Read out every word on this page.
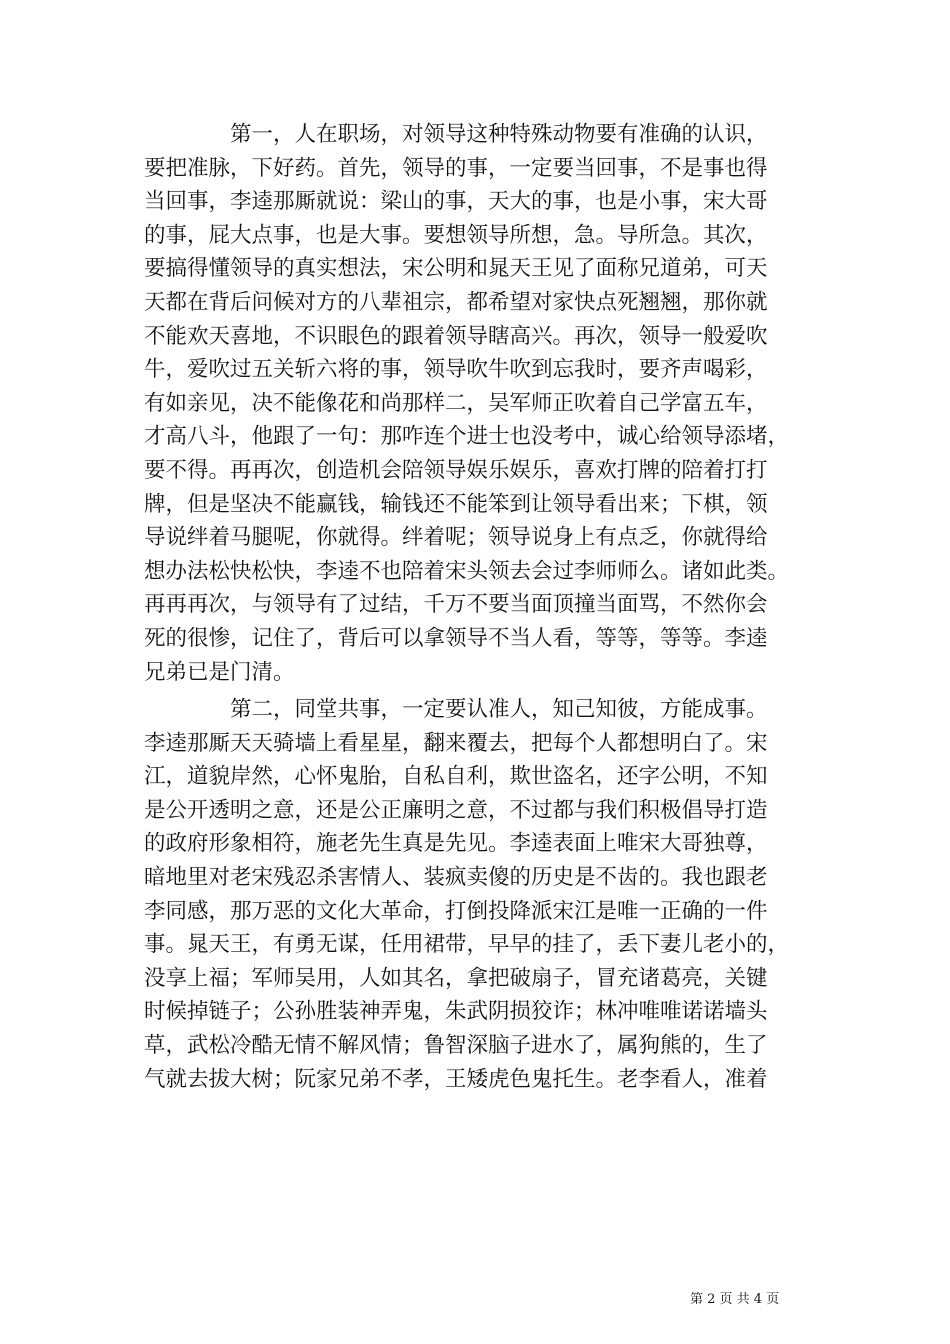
　　　　第一，人在职场，对领导这种特殊动物要有准确的认识，
要把准脉，下好药。首先，领导的事，一定要当回事，不是事也得
当回事，李逵那厮就说：梁山的事，天大的事，也是小事，宋大哥
的事，屁大点事，也是大事。要想领导所想，急。导所急。其次，
要搞得懂领导的真实想法，宋公明和晁天王见了面称兄道弟，可天
天都在背后问候对方的八辈祖宗，都希望对家快点死翘翘，那你就
不能欢天喜地，不识眼色的跟着领导瞎高兴。再次，领导一般爱吹
牛，爱吹过五关斩六将的事，领导吹牛吹到忘我时，要齐声喝彩，
有如亲见，决不能像花和尚那样二，吴军师正吹着自己学富五车，
才高八斗，他跟了一句：那咋连个进士也没考中，诚心给领导添堵，
要不得。再再次，创造机会陪领导娱乐娱乐，喜欢打牌的陪着打打
牌，但是坚决不能赢钱，输钱还不能笨到让领导看出来；下棋，领
导说绊着马腿呢，你就得。绊着呢；领导说身上有点乏，你就得给
想办法松快松快，李逵不也陪着宋头领去会过李师师么。诸如此类。
再再再次，与领导有了过结，千万不要当面顶撞当面骂，不然你会
死的很惨，记住了，背后可以拿领导不当人看，等等，等等。李逵
兄弟已是门清。
　　　　第二，同堂共事，一定要认准人，知己知彼，方能成事。
李逵那厮天天骑墙上看星星，翻来覆去，把每个人都想明白了。宋
江，道貌岸然，心怀鬼胎，自私自利，欺世盗名，还字公明，不知
是公开透明之意，还是公正廉明之意，不过都与我们积极倡导打造
的政府形象相符，施老先生真是先见。李逵表面上唯宋大哥独尊，
暗地里对老宋残忍杀害情人、装疯卖傻的历史是不齿的。我也跟老
李同感，那万恶的文化大革命，打倒投降派宋江是唯一正确的一件
事。晁天王，有勇无谋，任用裙带，早早的挂了，丢下妻儿老小的，
没享上福；军师吴用，人如其名，拿把破扇子，冒充诸葛亮，关键
时候掉链子；公孙胜装神弄鬼，朱武阴损狡诈；林冲唯唯诺诺墙头
草，武松冷酷无情不解风情；鲁智深脑子进水了，属狗熊的，生了
气就去拔大树；阮家兄弟不孝，王矮虎色鬼托生。老李看人，准着
第 2 页 共 4 页
